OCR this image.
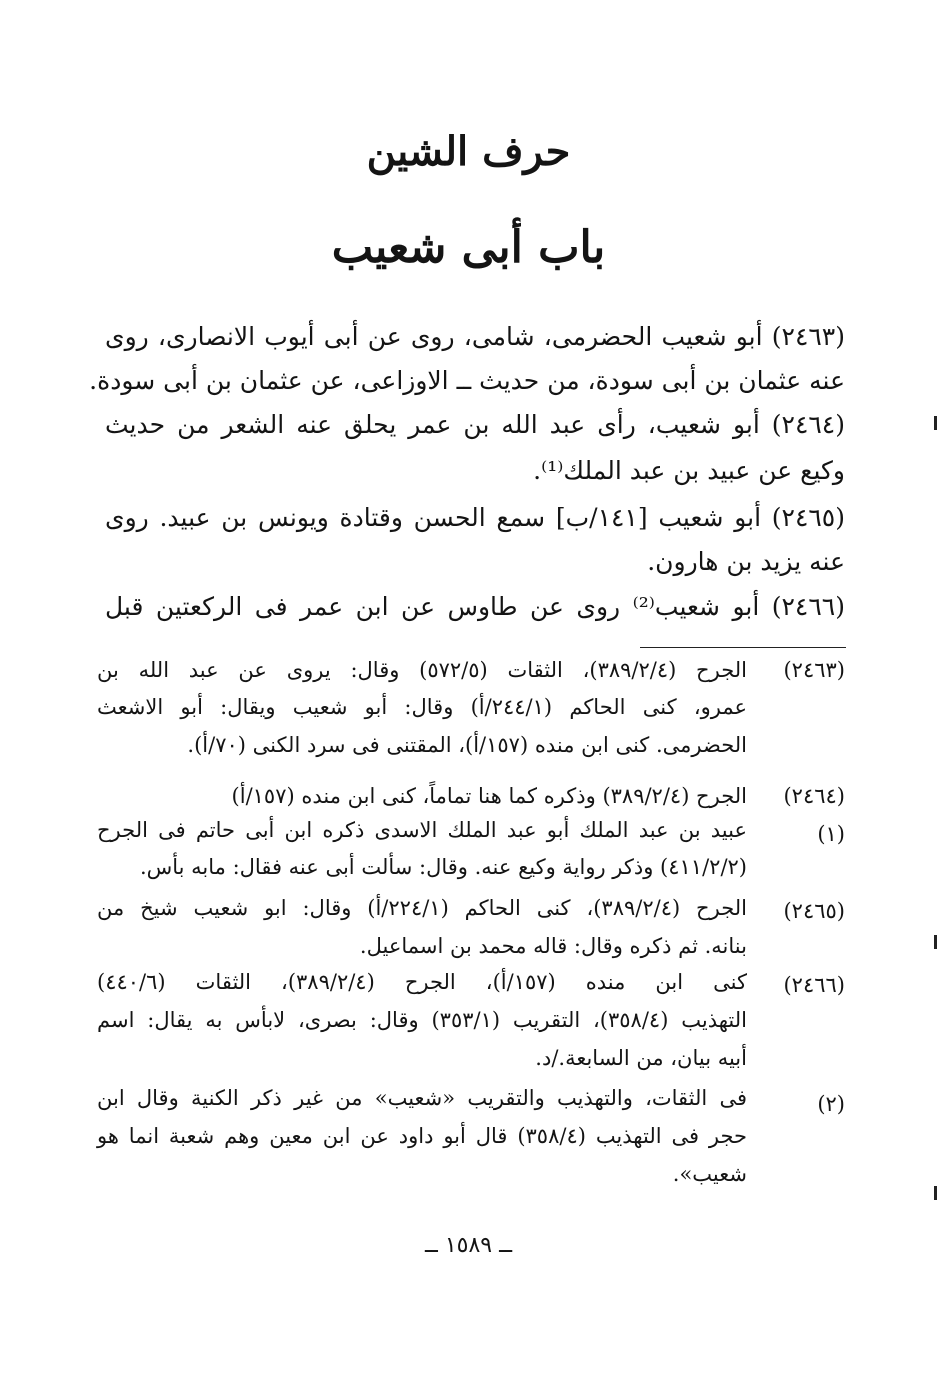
حرف الشين
باب أبى شعيب
(٢٤٦٣) أبو شعيب الحضرمى، شامى، روى عن أبى أيوب الانصارى، روى
عنه عثمان بن أبى سودة، من حديث ــ الاوزاعى، عن عثمان بن أبى سودة.
(٢٤٦٤) أبو شعيب، رأى عبد الله بن عمر يحلق عنه الشعر من حديث
وكيع عن عبيد بن عبد الملك⁽¹⁾.
(٢٤٦٥) أبو شعيب [١٤١/ب] سمع الحسن وقتادة ويونس بن عبيد. روى
عنه يزيد بن هارون.
(٢٤٦٦) أبو شعيب⁽²⁾ روى عن طاوس عن ابن عمر فى الركعتين قبل
(٢٤٦٣)
الجرح (٣٨٩/٢/٤)، الثقات (٥٧٢/٥) وقال: يروى عن عبد الله بن
عمرو، كنى الحاكم (٢٤٤/١/أ) وقال: أبو شعيب ويقال: أبو الاشعث
الحضرمى. كنى ابن منده (١٥٧/أ)، المقتنى فى سرد الكنى (٧٠/أ).
(٢٤٦٤)
الجرح (٣٨٩/٢/٤) وذكره كما هنا تماماً، كنى ابن منده (١٥٧/أ)
(١)
عبيد بن عبد الملك أبو عبد الملك الاسدى ذكره ابن أبى حاتم فى الجرح
(٤١١/٢/٢) وذكر رواية وكيع عنه. وقال: سألت أبى عنه فقال: مابه بأس.
(٢٤٦٥)
الجرح (٣٨٩/٢/٤)، كنى الحاكم (٢٢٤/١/أ) وقال: ابو شعيب شيخ من
بنانه. ثم ذكره وقال: قاله محمد بن اسماعيل.
(٢٤٦٦)
كنى ابن منده (١٥٧/أ)، الجرح (٣٨٩/٢/٤)، الثقات (٤٤٠/٦)
التهذيب (٣٥٨/٤)، التقريب (٣٥٣/١) وقال: بصرى، لابأس به يقال: اسم
أبيه بيان، من السابعة./د.
(٢)
فى الثقات، والتهذيب والتقريب «شعيب» من غير ذكر الكنية وقال ابن
حجر فى التهذيب (٣٥٨/٤) قال أبو داود عن ابن معين وهم شعبة انما هو
شعيب».
ــ ١٥٨٩ ــ
